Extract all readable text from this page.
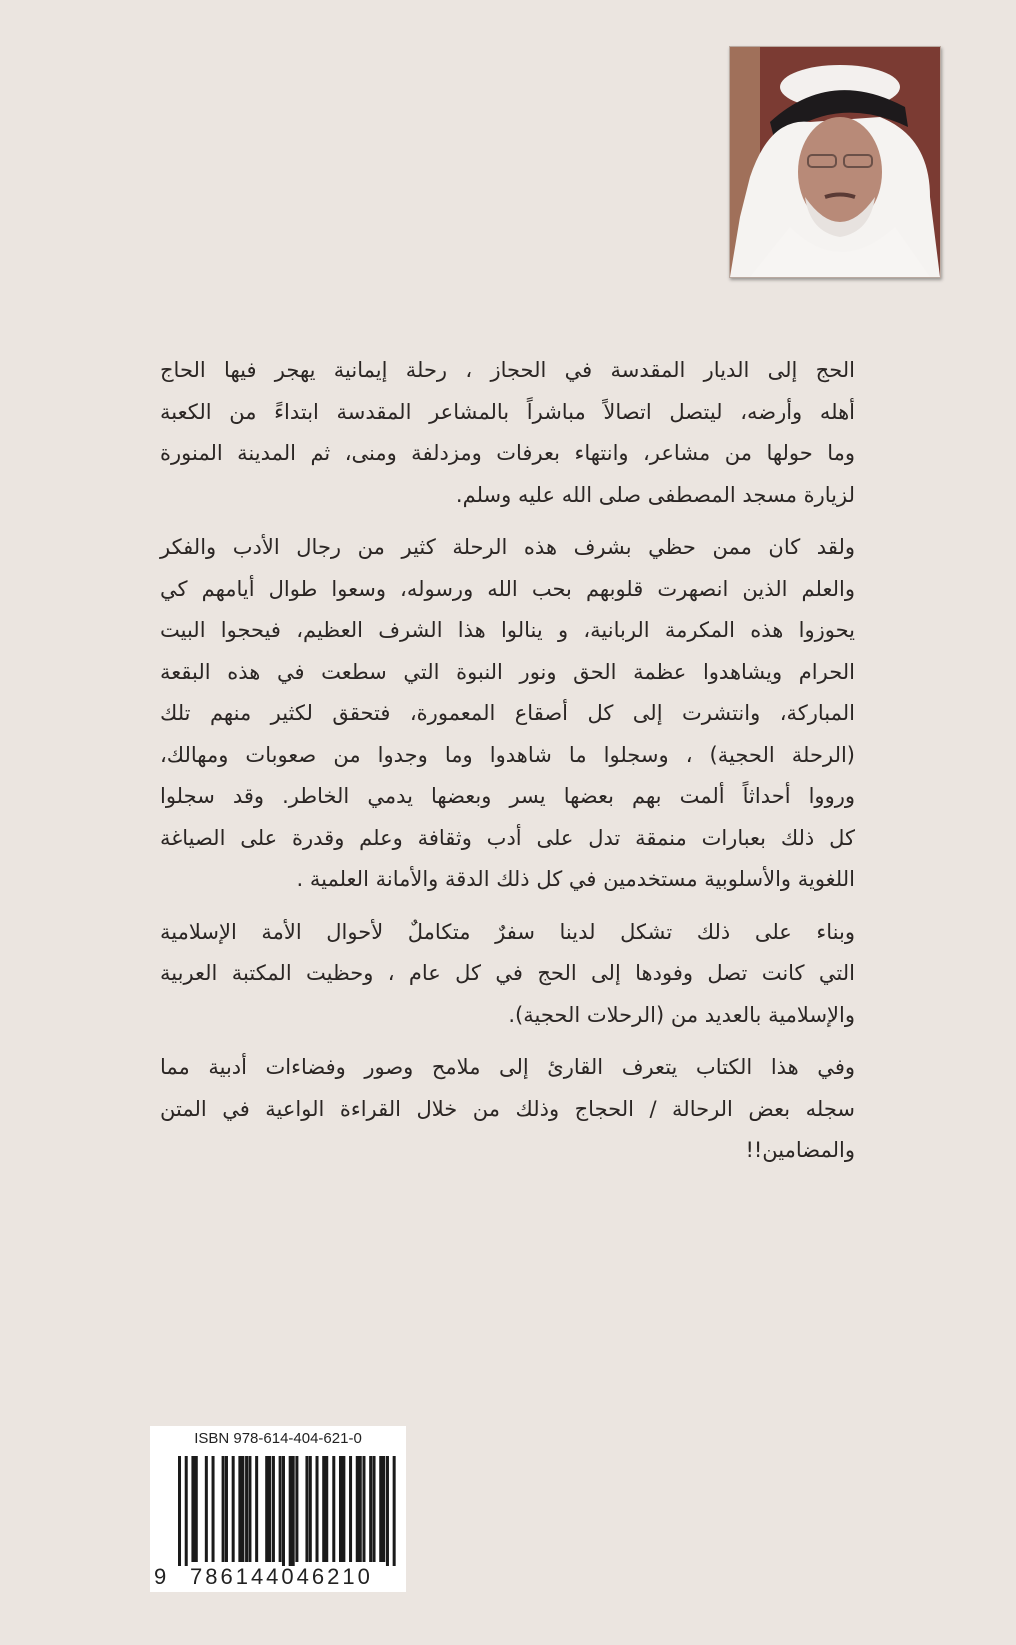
الحج إلى الديار المقدسة في الحجاز ، رحلة إيمانية يهجر فيها الحاج
أهله وأرضه، ليتصل اتصالاً مباشراً بالمشاعر المقدسة ابتداءً من الكعبة
وما حولها من مشاعر، وانتهاء بعرفات ومزدلفة ومنى، ثم المدينة المنورة
لزيارة مسجد المصطفى صلى الله عليه وسلم.
ولقد كان ممن حظي بشرف هذه الرحلة كثير من رجال الأدب والفكر
والعلم الذين انصهرت قلوبهم بحب الله ورسوله، وسعوا طوال أيامهم كي
يحوزوا هذه المكرمة الربانية، و ينالوا هذا الشرف العظيم، فيحجوا البيت
الحرام ويشاهدوا عظمة الحق ونور النبوة التي سطعت في هذه البقعة
المباركة، وانتشرت إلى كل أصقاع المعمورة، فتحقق لكثير منهم تلك
(الرحلة الحجية) ، وسجلوا ما شاهدوا وما وجدوا من صعوبات ومهالك،
ورووا أحداثاً ألمت بهم بعضها يسر وبعضها يدمي الخاطر. وقد سجلوا
كل ذلك بعبارات منمقة تدل على أدب وثقافة وعلم وقدرة على الصياغة
اللغوية والأسلوبية مستخدمين في كل ذلك الدقة والأمانة العلمية .
وبناء على ذلك تشكل لدينا سفرٌ متكاملٌ لأحوال الأمة الإسلامية
التي كانت تصل وفودها إلى الحج في كل عام ، وحظيت المكتبة العربية
والإسلامية بالعديد من (الرحلات الحجية).
وفي هذا الكتاب يتعرف القارئ إلى ملامح وصور وفضاءات أدبية مما
سجله بعض الرحالة / الحجاج وذلك من خلال القراءة الواعية في المتن
والمضامين!!
ISBN 978-614-404-621-0
9 786144046210
